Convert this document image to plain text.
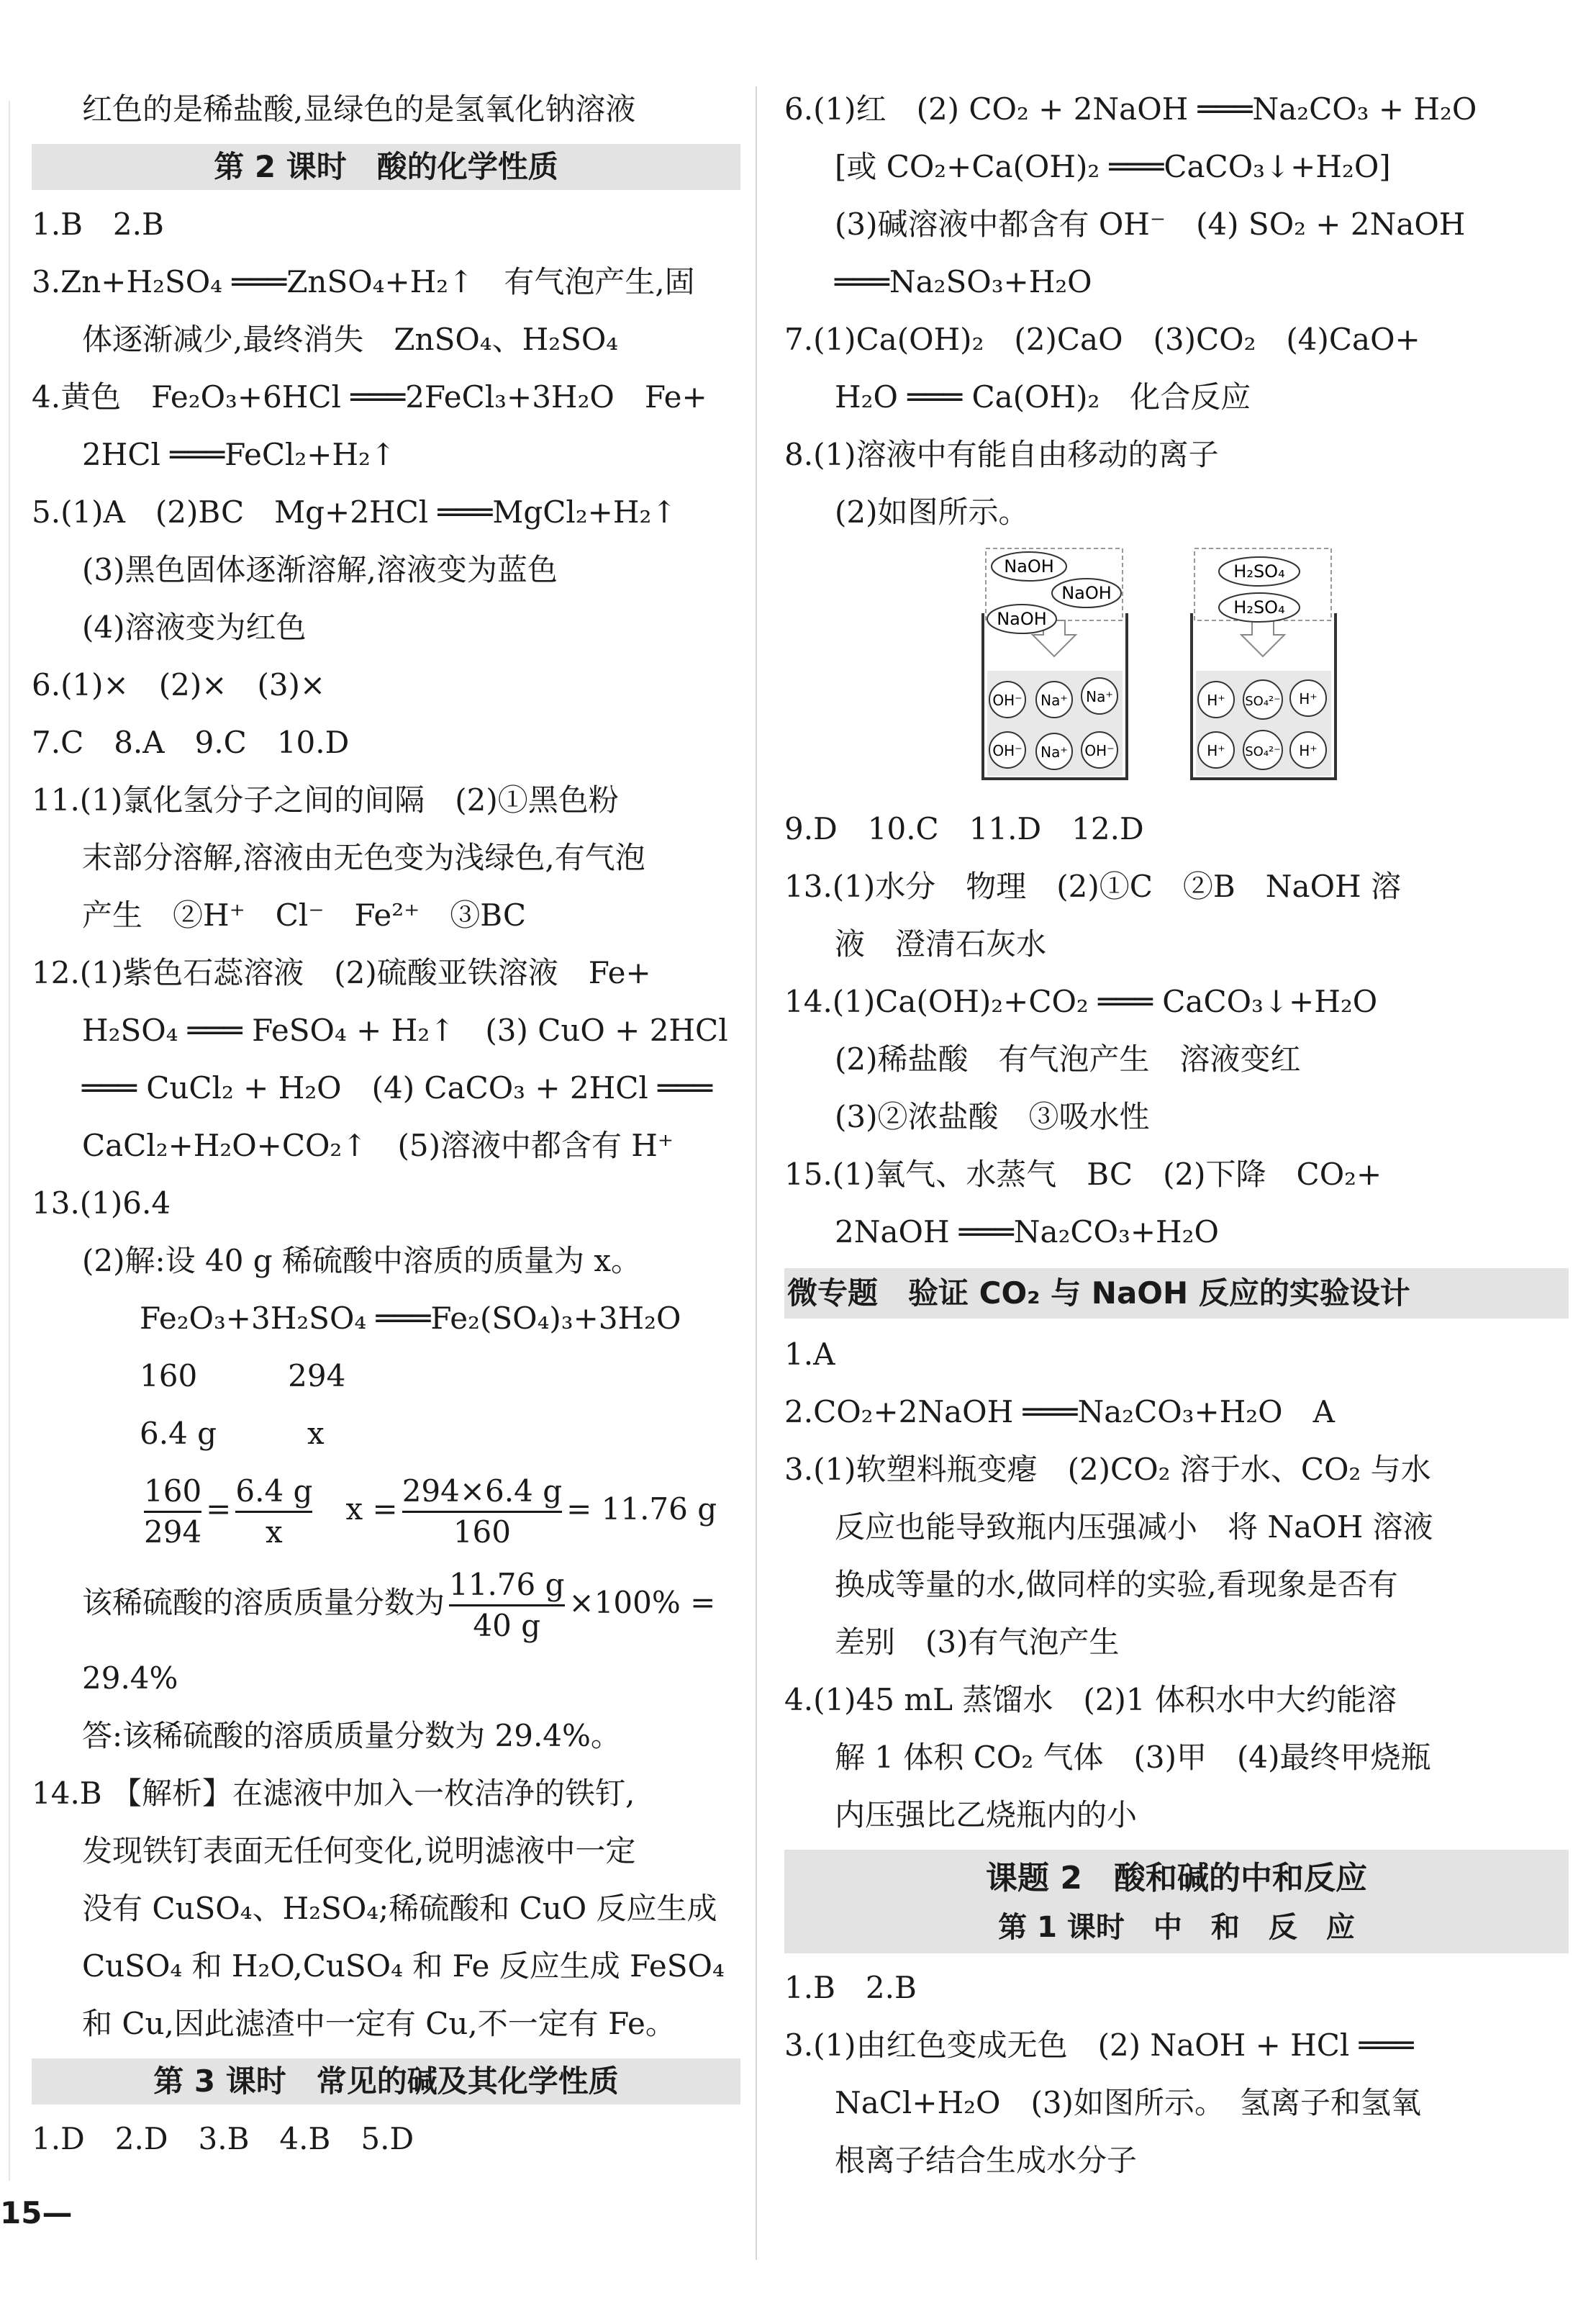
红色的是稀盐酸,显绿色的是氢氧化钠溶液
第 2 课时　酸的化学性质
1.B　2.B
3.Zn+H₂SO₄ ═══ZnSO₄+H₂↑　有气泡产生,固
体逐渐减少,最终消失　ZnSO₄、H₂SO₄
4.黄色　Fe₂O₃+6HCl ═══2FeCl₃+3H₂O　Fe+
2HCl ═══FeCl₂+H₂↑
5.(1)A　(2)BC　Mg+2HCl ═══MgCl₂+H₂↑
(3)黑色固体逐渐溶解,溶液变为蓝色
(4)溶液变为红色
6.(1)×　(2)×　(3)×
7.C　8.A　9.C　10.D
11.(1)氯化氢分子之间的间隔　(2)①黑色粉
末部分溶解,溶液由无色变为浅绿色,有气泡
产生　②H⁺　Cl⁻　Fe²⁺　③BC
12.(1)紫色石蕊溶液　(2)硫酸亚铁溶液　Fe+
H₂SO₄ ═══ FeSO₄ + H₂↑　(3) CuO + 2HCl
═══ CuCl₂ + H₂O　(4) CaCO₃ + 2HCl ═══
CaCl₂+H₂O+CO₂↑　(5)溶液中都含有 H⁺
13.(1)6.4
(2)解:设 40 g 稀硫酸中溶质的质量为 x。
Fe₂O₃+3H₂SO₄ ═══Fe₂(SO₄)₃+3H₂O
160　　　294
6.4 g　　　x
$\frac{160}{294} = \frac{6.4 g}{x}$ $x = \frac{294\times 6.4 g}{160} = 11.76$ g
该稀硫酸的溶质质量分数为 $\frac{11.76 g}{40 g} \times 100\%$ =
29.4%
答:该稀硫酸的溶质质量分数为 29.4%。
14.B 【解析】在滤液中加入一枚洁净的铁钉,
发现铁钉表面无任何变化,说明滤液中一定
没有 CuSO₄、H₂SO₄;稀硫酸和 CuO 反应生成
CuSO₄ 和 H₂O,CuSO₄ 和 Fe 反应生成 FeSO₄
和 Cu,因此滤渣中一定有 Cu,不一定有 Fe。
第 3 课时　常见的碱及其化学性质
1.D　2.D　3.B　4.B　5.D
6.(1)红　(2) CO₂ + 2NaOH ═══Na₂CO₃ + H₂O
[或 CO₂+Ca(OH)₂ ═══CaCO₃↓+H₂O]
(3)碱溶液中都含有 OH⁻　(4) SO₂ + 2NaOH
═══Na₂SO₃+H₂O
7.(1)Ca(OH)₂　(2)CaO　(3)CO₂　(4)CaO+
H₂O ═══ Ca(OH)₂　化合反应
8.(1)溶液中有能自由移动的离子
(2)如图所示。
NaOH
NaOH
NaOH
OH⁻ Na⁺ Na⁺
OH⁻ Na⁺ OH⁻
H₂SO₄
H₂SO₄
H⁺ SO₄²⁻ H⁺
H⁺ SO₄²⁻ H⁺
9.D　10.C　11.D　12.D
13.(1)水分　物理　(2)①C　②B　NaOH 溶
液　澄清石灰水
14.(1)Ca(OH)₂+CO₂ ═══ CaCO₃↓+H₂O
(2)稀盐酸　有气泡产生　溶液变红
(3)②浓盐酸　③吸水性
15.(1)氧气、水蒸气　BC　(2)下降　CO₂+
2NaOH ═══Na₂CO₃+H₂O
微专题　验证 CO₂ 与 NaOH 反应的实验设计
1.A
2.CO₂+2NaOH ═══Na₂CO₃+H₂O　A
3.(1)软塑料瓶变瘪　(2)CO₂ 溶于水、CO₂ 与水
反应也能导致瓶内压强减小　将 NaOH 溶液
换成等量的水,做同样的实验,看现象是否有
差别　(3)有气泡产生
4.(1)45 mL 蒸馏水　(2)1 体积水中大约能溶
解 1 体积 CO₂ 气体　(3)甲　(4)最终甲烧瓶
内压强比乙烧瓶内的小
课题 2　酸和碱的中和反应
第 1 课时　中　和　反　应
1.B　2.B
3.(1)由红色变成无色　(2) NaOH + HCl ═══
NaCl+H₂O　(3)如图所示。　氢离子和氢氧
根离子结合生成水分子
15—
